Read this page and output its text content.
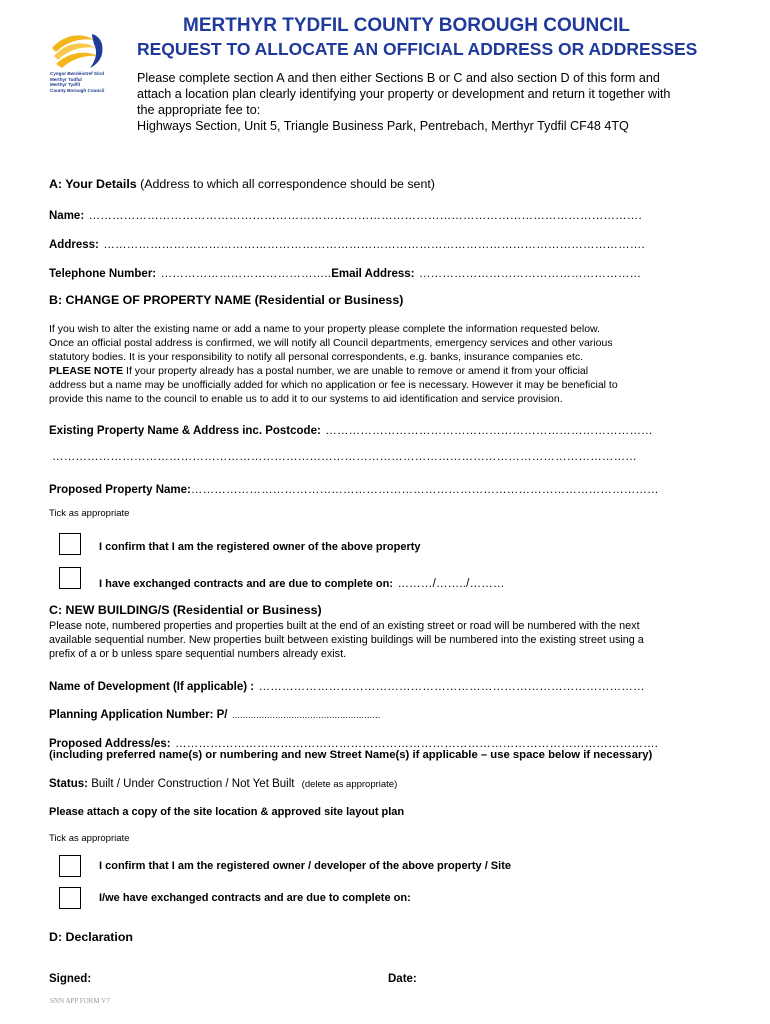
Cyngor Bwrdeistref Sirol
Merthyr Tudful
Merthyr Tydfil
County Borough Council
MERTHYR TYDFIL COUNTY BOROUGH COUNCIL
REQUEST TO ALLOCATE AN OFFICIAL ADDRESS OR ADDRESSES

Please complete section A and then either Sections B or C and also section D of this form and

attach a location plan clearly identifying your property or development and return it together with

the appropriate fee to:

Highways Section, Unit 5, Triangle Business Park, Pentrebach, Merthyr Tydfil CF48 4TQ

A: Your Details (Address to which all correspondence should be sent)
Name: …………………………………………………………………………………………………………………………….
Address: ………………………………………………………………………………………………………………………….
Telephone Number: ……………………………………..Email Address: …………………………………………………
B: CHANGE OF PROPERTY NAME (Residential or Business)

If you wish to alter the existing name or add a name to your property please complete the information requested below.

Once an official postal address is confirmed, we will notify all Council departments, emergency services and other various

statutory bodies. It is your responsibility to notify all personal correspondents, e.g. banks, insurance companies etc.

PLEASE NOTE If your property already has a postal number, we are unable to remove or amend it from your official

address but a name may be unofficially added for which no application or fee is necessary. However it may be beneficial to

provide this name to the council to enable us to add it to our systems to aid identification and service provision.

Existing Property Name & Address inc. Postcode: …………………………………………………………………………
……………………………………………………………………………………………………………………………………
Proposed Property Name:…………………………………………………………………………………………………………
Tick as appropriate
I confirm that I am the registered owner of the above property
I have exchanged contracts and are due to complete on: ………/……../………
C: NEW BUILDING/S (Residential or Business)

Please note, numbered properties and properties built at the end of an existing street or road will be numbered with the next

available sequential number. New properties built between existing buildings will be numbered into the existing street using a

prefix of a or b unless spare sequential numbers already exist.

Name of Development (If applicable) : ………………………………………………………………………………………
Planning Application Number: P/ .......................................................
Proposed Address/es: …………………………………………………………………………………………………………….
(including preferred name(s) or numbering and new Street Name(s) if applicable – use space below if necessary)
Status: Built / Under Construction / Not Yet Built (delete as appropriate)
Please attach a copy of the site location & approved site layout plan
Tick as appropriate
I confirm that I am the registered owner / developer of the above property / Site
I/we have exchanged contracts and are due to complete on:
D: Declaration
Signed:	Date:
SNN APP FORM V7
